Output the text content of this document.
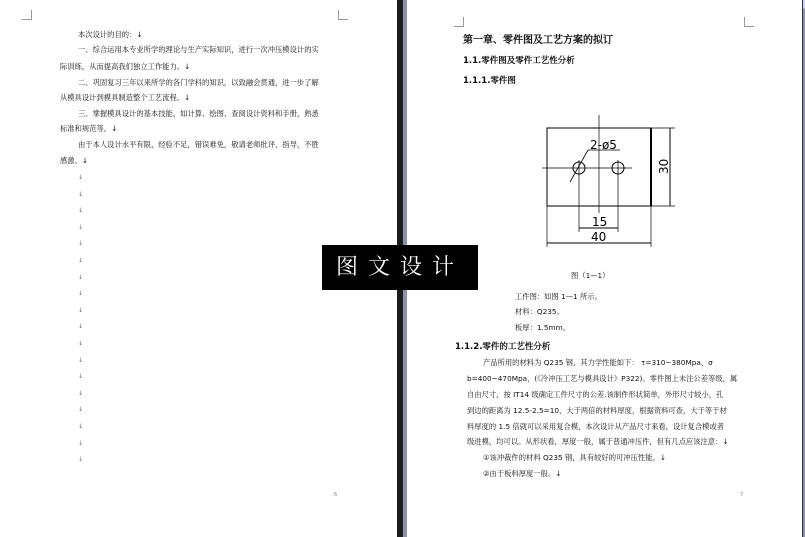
本次设计的目的：↓
一、综合运用本专业所学的理论与生产实际知识，进行一次冲压模设计的实
际训练，从而提高我们独立工作能力。↓
二、巩固复习三年以来所学的各门学科的知识，以致融会贯通，进一步了解
从模具设计到模具制造整个工艺流程。↓
三、掌握模具设计的基本技能，如计算、绘图、查阅设计资料和手册，熟悉
标准和规范等。↓
由于本人设计水平有限，经验不足，错误难免，敬请老师批评、指导，不胜
感激。↓
↓
↓
↓
↓
↓
↓
↓
↓
↓
↓
↓
↓
↓
↓
↓
↓
↓
↓
6
第一章、零件图及工艺方案的拟订
1.1.零件图及零件工艺性分析
1.1.1.零件图
图（1—1）
工件图：如图 1—1 所示。
材料：Q235。
板厚：1.5mm。
1.1.2.零件的工艺性分析
产品所用的材料为 Q235 钢，其力学性能如下： τ=310~380Mpa，σ
b=400~470Mpa，(《冷冲压工艺与模具设计》P322)。零件图上未注公差等级，属
自由尺寸，按 IT14 级确定工件尺寸的公差.该制件形状简单，外形尺寸较小，孔
到边的距离为 12.5-2.5=10，大于两倍的材料厚度，根据资料可查，大于等于材
料厚度的 1.5 倍就可以采用复合模，本次设计从产品尺寸来看，设计复合模或者
级进模，均可以。从形状看，厚度一般，属于普通冲压件，但有几点应该注意：↓
①该冲裁件的材料 Q235 钢，具有较好的可冲压性能。↓
②由于板料厚度一般。↓
7
2-ø5
15
40
30
图文设计
